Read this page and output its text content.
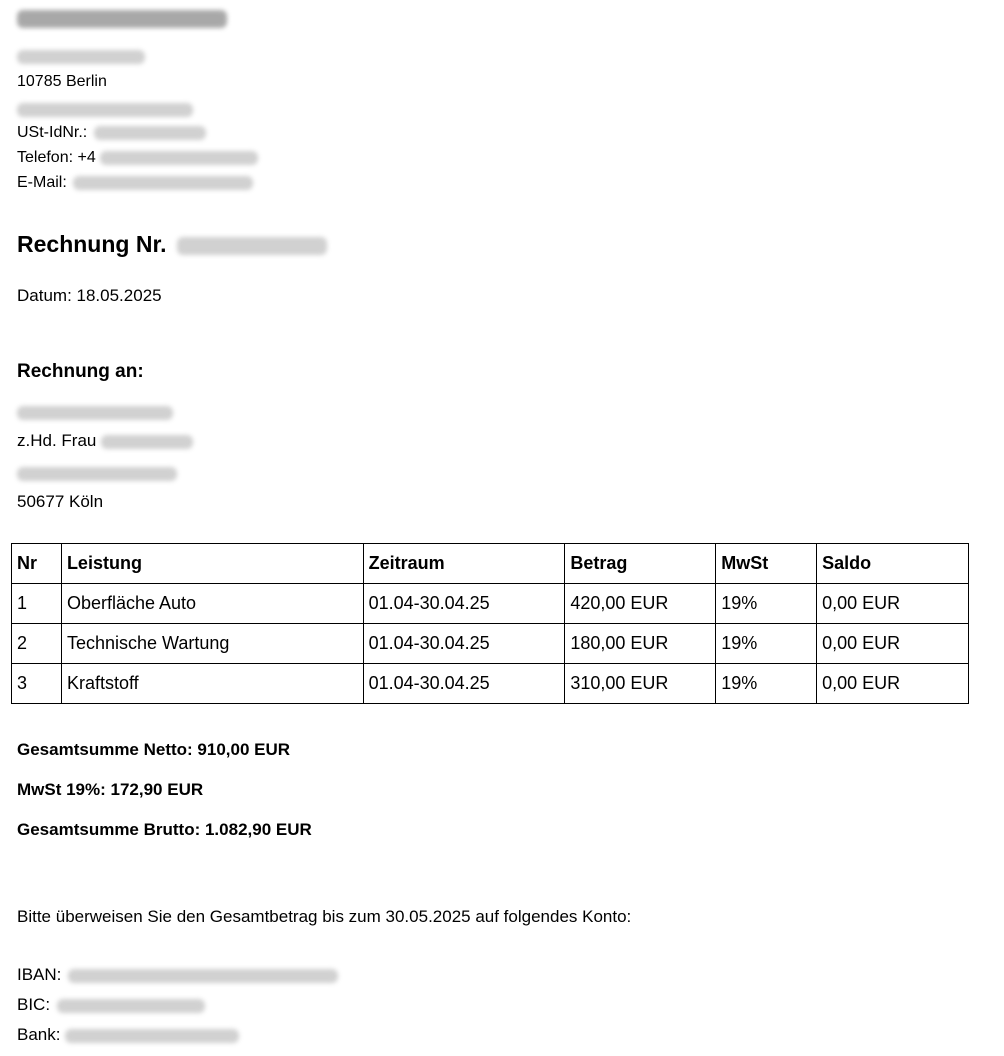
10785 Berlin
USt-IdNr.:
Telefon: +4
E-Mail:
Rechnung Nr.
Datum: 18.05.2025
Rechnung an:
z.Hd. Frau
50677 Köln
Nr	Leistung	Zeitraum	Betrag	MwSt	Saldo
1	Oberfläche Auto	01.04-30.04.25	420,00 EUR	19%	0,00 EUR
2	Technische Wartung	01.04-30.04.25	180,00 EUR	19%	0,00 EUR
3	Kraftstoff	01.04-30.04.25	310,00 EUR	19%	0,00 EUR
Gesamtsumme Netto: 910,00 EUR
MwSt 19%: 172,90 EUR
Gesamtsumme Brutto: 1.082,90 EUR
Bitte überweisen Sie den Gesamtbetrag bis zum 30.05.2025 auf folgendes Konto:
IBAN:
BIC:
Bank:
